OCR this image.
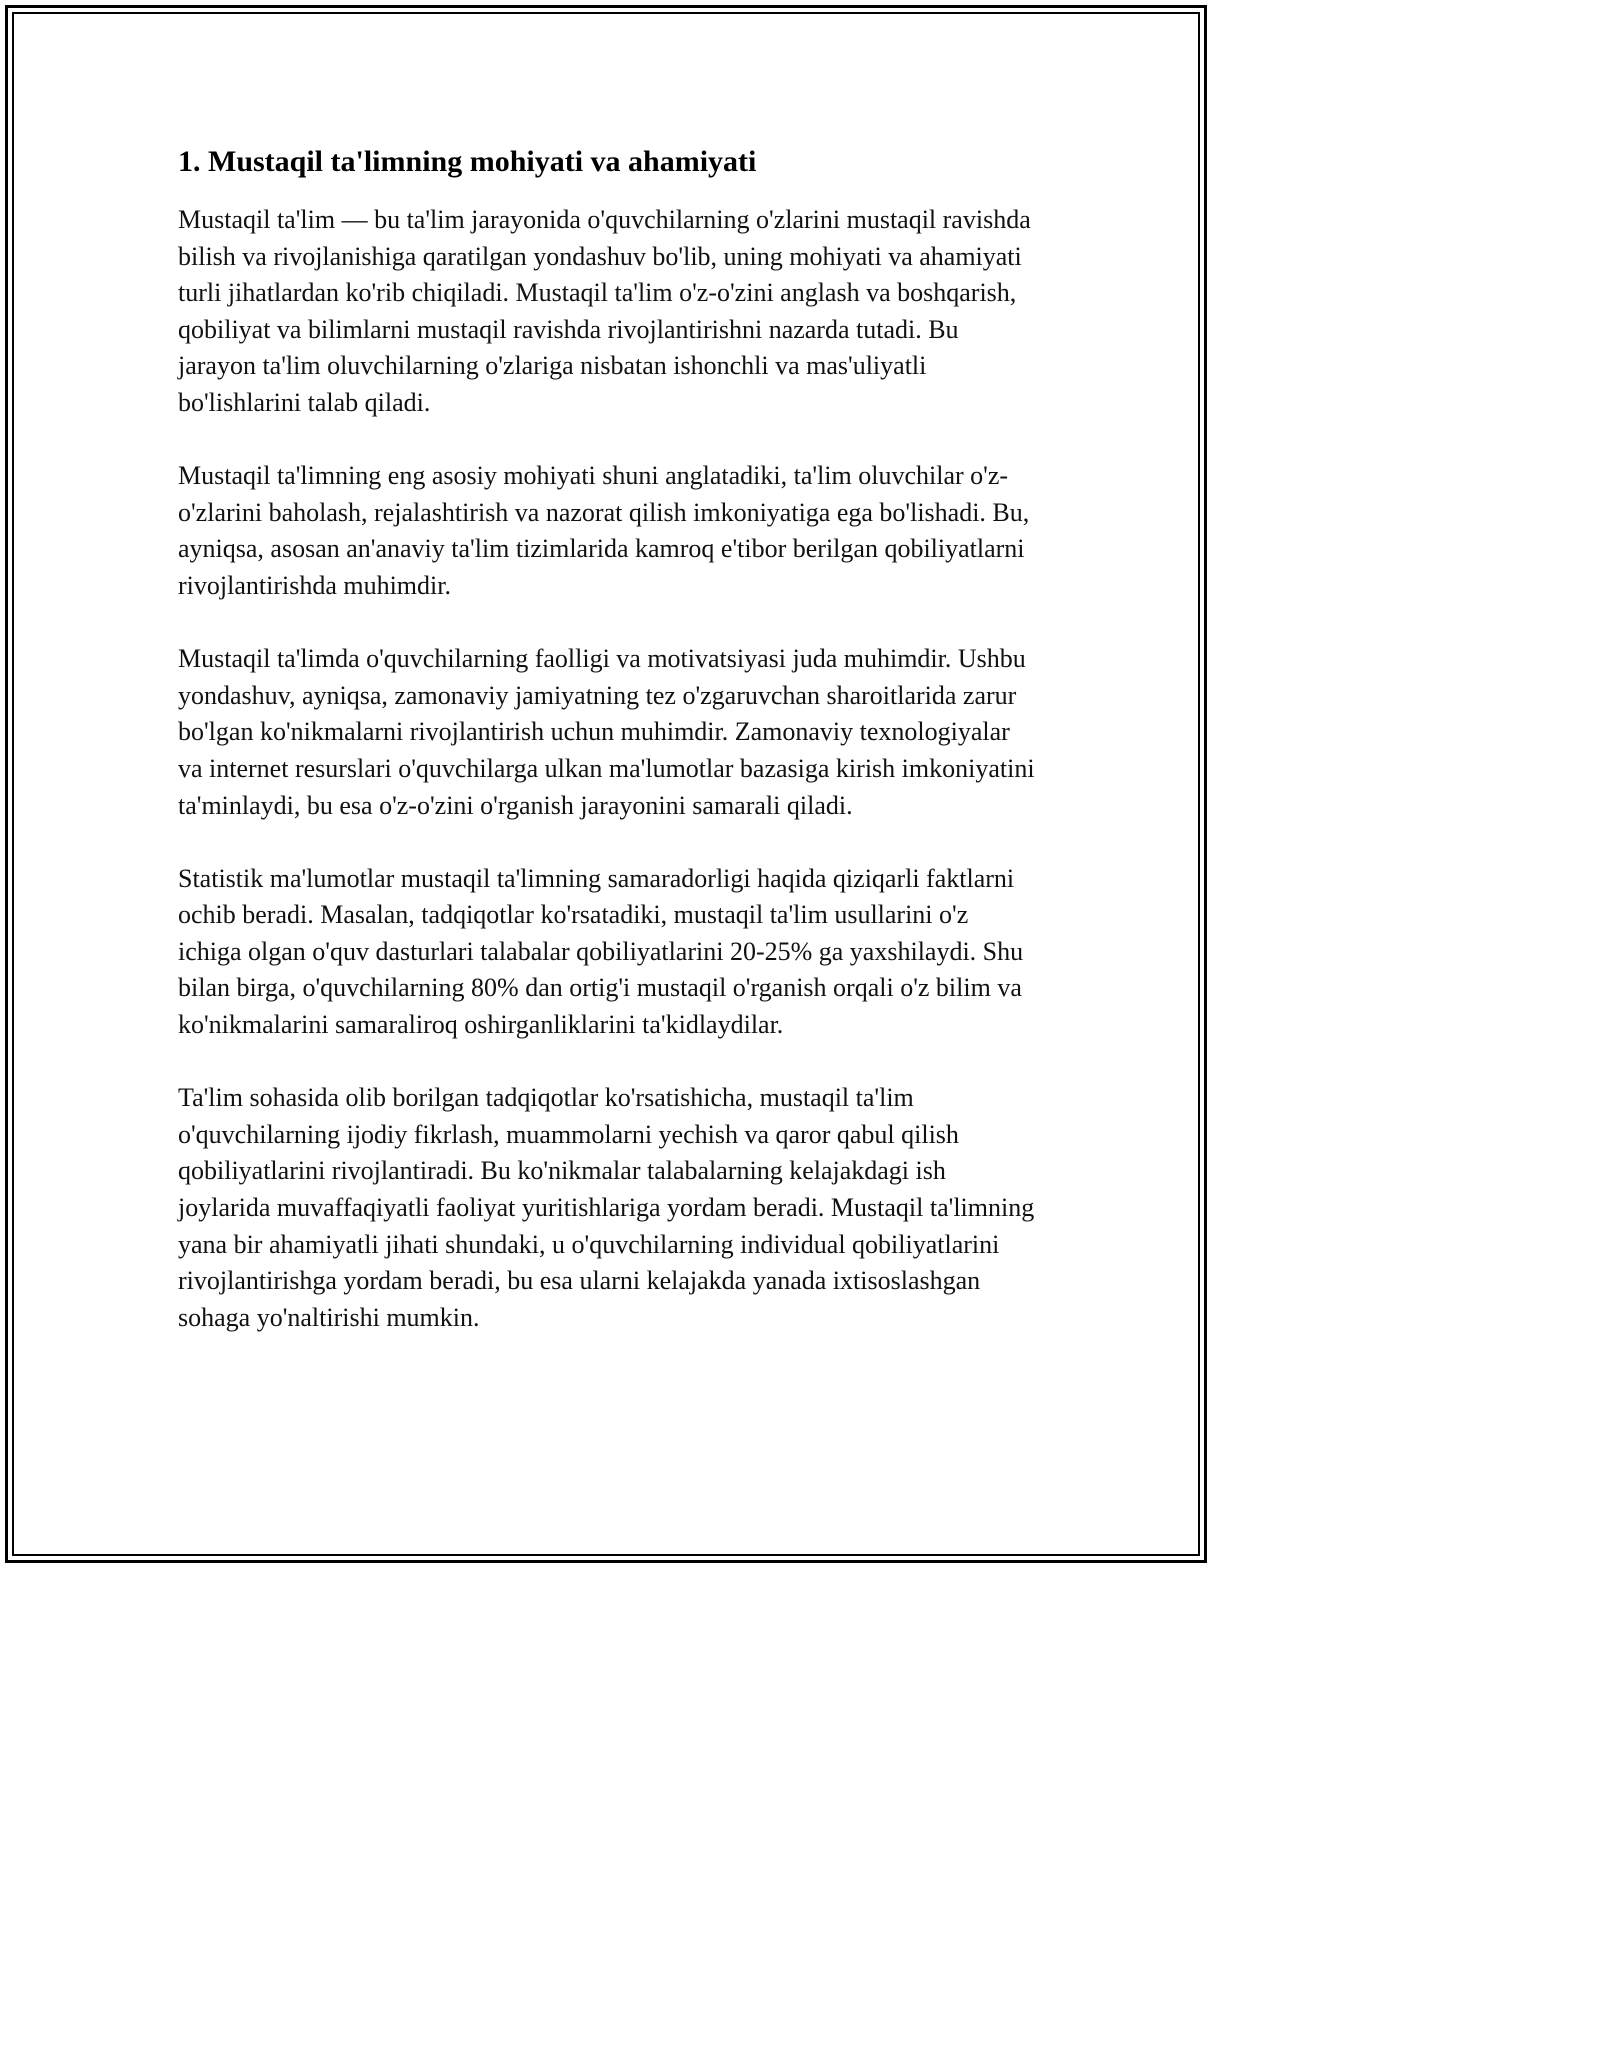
1. Mustaqil ta'limning mohiyati va ahamiyati

Mustaqil ta'lim — bu ta'lim jarayonida o'quvchilarning o'zlarini mustaqil ravishda bilish va rivojlanishiga qaratilgan yondashuv bo'lib, uning mohiyati va ahamiyati turli jihatlardan ko'rib chiqiladi. Mustaqil ta'lim o'z-o'zini anglash va boshqarish, qobiliyat va bilimlarni mustaqil ravishda rivojlantirishni nazarda tutadi. Bu jarayon ta'lim oluvchilarning o'zlariga nisbatan ishonchli va mas'uliyatli bo'lishlarini talab qiladi.

Mustaqil ta'limning eng asosiy mohiyati shuni anglatadiki, ta'lim oluvchilar o'z-o'zlarini baholash, rejalashtirish va nazorat qilish imkoniyatiga ega bo'lishadi. Bu, ayniqsa, asosan an'anaviy ta'lim tizimlarida kamroq e'tibor berilgan qobiliyatlarni rivojlantirishda muhimdir.

Mustaqil ta'limda o'quvchilarning faolligi va motivatsiyasi juda muhimdir. Ushbu yondashuv, ayniqsa, zamonaviy jamiyatning tez o'zgaruvchan sharoitlarida zarur bo'lgan ko'nikmalarni rivojlantirish uchun muhimdir. Zamonaviy texnologiyalar va internet resurslari o'quvchilarga ulkan ma'lumotlar bazasiga kirish imkoniyatini ta'minlaydi, bu esa o'z-o'zini o'rganish jarayonini samarali qiladi.

Statistik ma'lumotlar mustaqil ta'limning samaradorligi haqida qiziqarli faktlarni ochib beradi. Masalan, tadqiqotlar ko'rsatadiki, mustaqil ta'lim usullarini o'z ichiga olgan o'quv dasturlari talabalar qobiliyatlarini 20-25% ga yaxshilaydi. Shu bilan birga, o'quvchilarning 80% dan ortig'i mustaqil o'rganish orqali o'z bilim va ko'nikmalarini samaraliroq oshirganliklarini ta'kidlaydilar.

Ta'lim sohasida olib borilgan tadqiqotlar ko'rsatishicha, mustaqil ta'lim o'quvchilarning ijodiy fikrlash, muammolarni yechish va qaror qabul qilish qobiliyatlarini rivojlantiradi. Bu ko'nikmalar talabalarning kelajakdagi ish joylarida muvaffaqiyatli faoliyat yuritishlariga yordam beradi. Mustaqil ta'limning yana bir ahamiyatli jihati shundaki, u o'quvchilarning individual qobiliyatlarini rivojlantirishga yordam beradi, bu esa ularni kelajakda yanada ixtisoslashgan sohaga yo'naltirishi mumkin.
